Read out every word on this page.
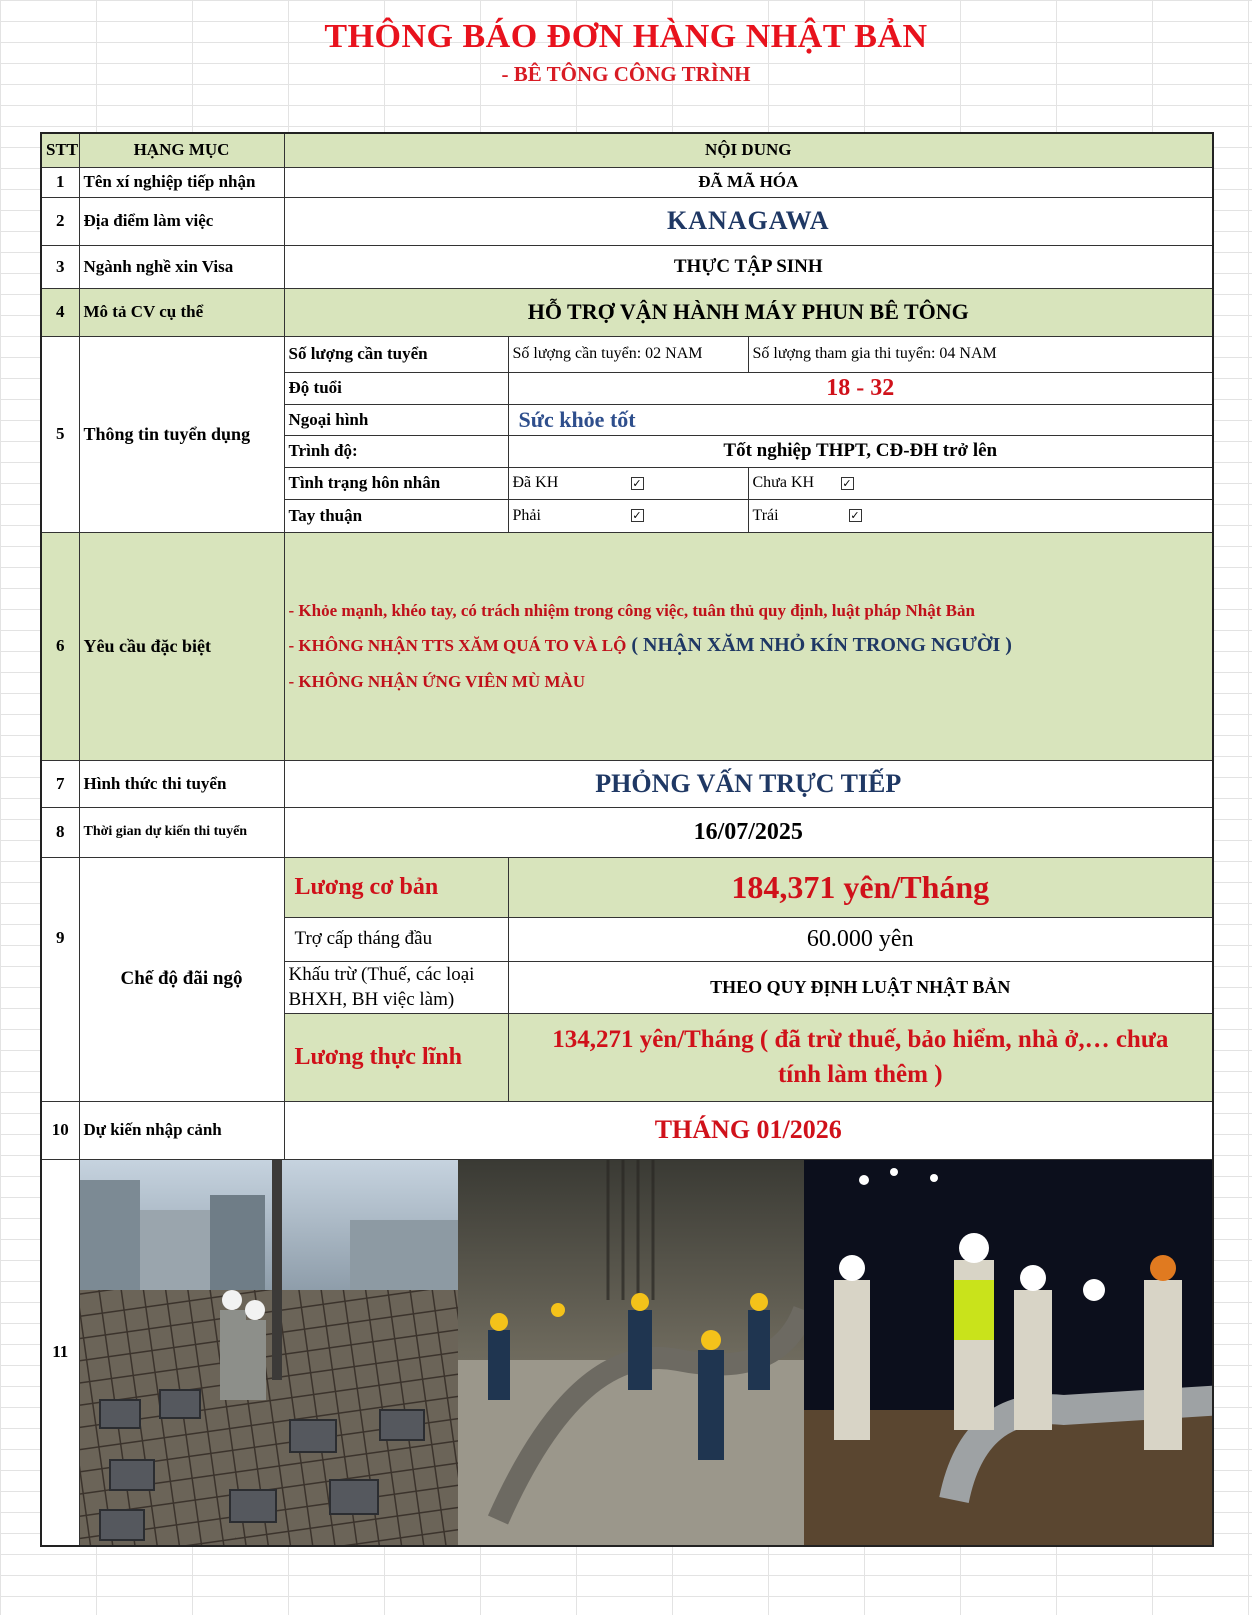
THÔNG BÁO ĐƠN HÀNG NHẬT BẢN
- BÊ TÔNG CÔNG TRÌNH
STT	HẠNG MỤC	NỘI DUNG		
1	Tên xí nghiệp tiếp nhận	ĐÃ MÃ HÓA		
2	Địa điểm làm việc	KANAGAWA		
3	Ngành nghề xin Visa	THỰC TẬP SINH		
4	Mô tả CV cụ thể	HỖ TRỢ VẬN HÀNH MÁY PHUN BÊ TÔNG		
5	Thông tin tuyển dụng	Số lượng cần tuyển	Số lượng cần tuyển: 02 NAM	Số lượng tham gia thi tuyển: 04 NAM
		Độ tuổi	18 - 32	
		Ngoại hình	Sức khỏe tốt	
		Trình độ:	Tốt nghiệp THPT, CĐ-ĐH trở lên	
		Tình trạng hôn nhân	Đã KH ✓	Chưa KH ✓
		Tay thuận	Phải ✓	Trái ✓
6	Yêu cầu đặc biệt	- Khỏe mạnh, khéo tay, có trách nhiệm trong công việc, tuân thủ quy định, luật pháp Nhật Bản
- KHÔNG NHẬN TTS XĂM QUÁ TO VÀ LỘ ( NHẬN XĂM NHỎ KÍN TRONG NGƯỜI )
- KHÔNG NHẬN ỨNG VIÊN MÙ MÀU		

7	Hình thức thi tuyển	PHỎNG VẤN TRỰC TIẾP		
8	Thời gian dự kiến thi tuyển	16/07/2025		
9	Chế độ đãi ngộ	Lương cơ bản	184,371 yên/Tháng	
		Trợ cấp tháng đầu	60.000 yên	
		Khấu trừ (Thuế, các loại BHXH, BH việc làm)	THEO QUY ĐỊNH LUẬT NHẬT BẢN	
		Lương thực lĩnh	134,271 yên/Tháng ( đã trừ thuế, bảo hiểm, nhà ở,… chưa tính làm thêm )	
10	Dự kiến nhập cảnh	THÁNG 01/2026		
11	
